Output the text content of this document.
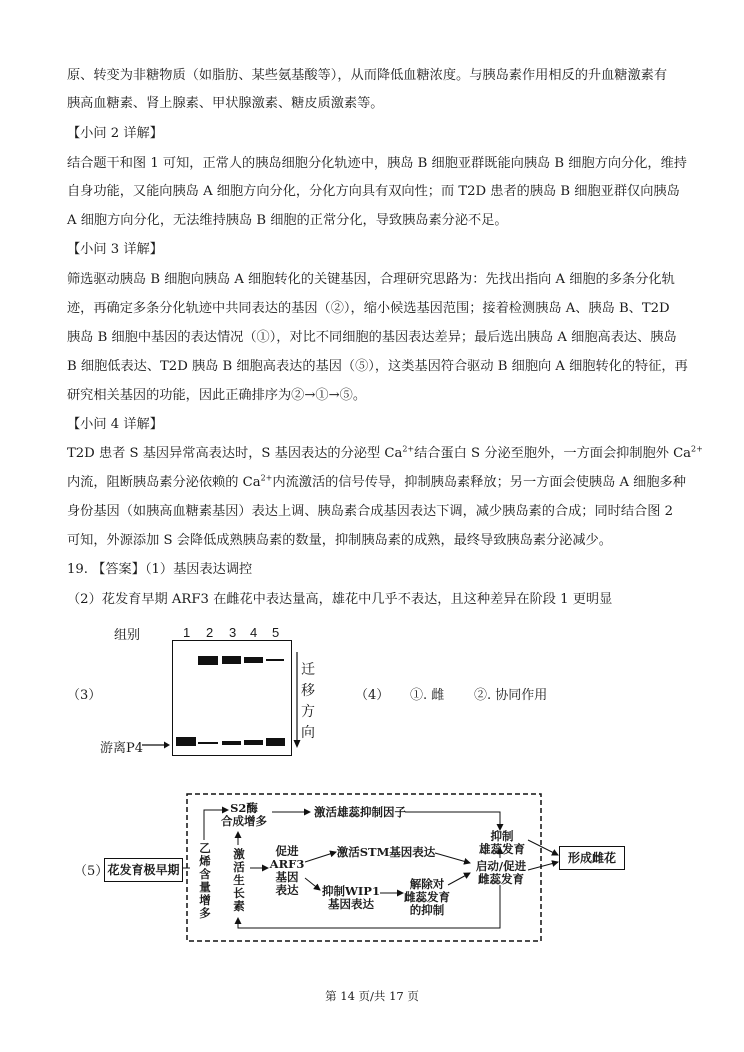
原、转变为非糖物质（如脂肪、某些氨基酸等），从而降低血糖浓度。与胰岛素作用相反的升血糖激素有
胰高血糖素、肾上腺素、甲状腺激素、糖皮质激素等。
【小问 2 详解】
结合题干和图 1 可知，正常人的胰岛细胞分化轨迹中，胰岛 B 细胞亚群既能向胰岛 B 细胞方向分化，维持
自身功能，又能向胰岛 A 细胞方向分化，分化方向具有双向性；而 T2D 患者的胰岛 B 细胞亚群仅向胰岛
A 细胞方向分化，无法维持胰岛 B 细胞的正常分化，导致胰岛素分泌不足。
【小问 3 详解】
筛选驱动胰岛 B 细胞向胰岛 A 细胞转化的关键基因，合理研究思路为：先找出指向 A 细胞的多条分化轨
迹，再确定多条分化轨迹中共同表达的基因（②），缩小候选基因范围；接着检测胰岛 A、胰岛 B、T2D
胰岛 B 细胞中基因的表达情况（①），对比不同细胞的基因表达差异；最后选出胰岛 A 细胞高表达、胰岛
B 细胞低表达、T2D 胰岛 B 细胞高表达的基因（⑤），这类基因符合驱动 B 细胞向 A 细胞转化的特征，再
研究相关基因的功能，因此正确排序为②→①→⑤。
【小问 4 详解】
T2D 患者 S 基因异常高表达时，S 基因表达的分泌型 $Ca^{2+}$结合蛋白 S 分泌至胞外，一方面会抑制胞外 $Ca^{2+}$
内流，阻断胰岛素分泌依赖的 $Ca^{2+}$内流激活的信号传导，抑制胰岛素释放；另一方面会使胰岛 A 细胞多种
身份基因（如胰高血糖素基因）表达上调、胰岛素合成基因表达下调，减少胰岛素的合成；同时结合图 2
可知，外源添加 S 会降低成熟胰岛素的数量，抑制胰岛素的成熟，最终导致胰岛素分泌减少。
19. 【答案】（1）基因表达调控
（2）花发育早期 ARF3 在雌花中表达量高，雄花中几乎不表达，且这种差异在阶段 1 更明显
（3）
组别	1 2 3 4 5
游离P4
迁
移
方
向
（4） ①. 雌 ②. 协同作用
（5） 花发育极早期
乙
烯
含
量
增
多
S2酶
合成增多
激活雄蕊抑制因子
激
活
生
长
素
促进
ARF3
基因
表达
激活STM基因表达
抑制WIP1
基因表达
解除对
雌蕊发育
的抑制
抑制
雄蕊发育
启动/促进
雌蕊发育
形成雌花
第 14 页/共 17 页
